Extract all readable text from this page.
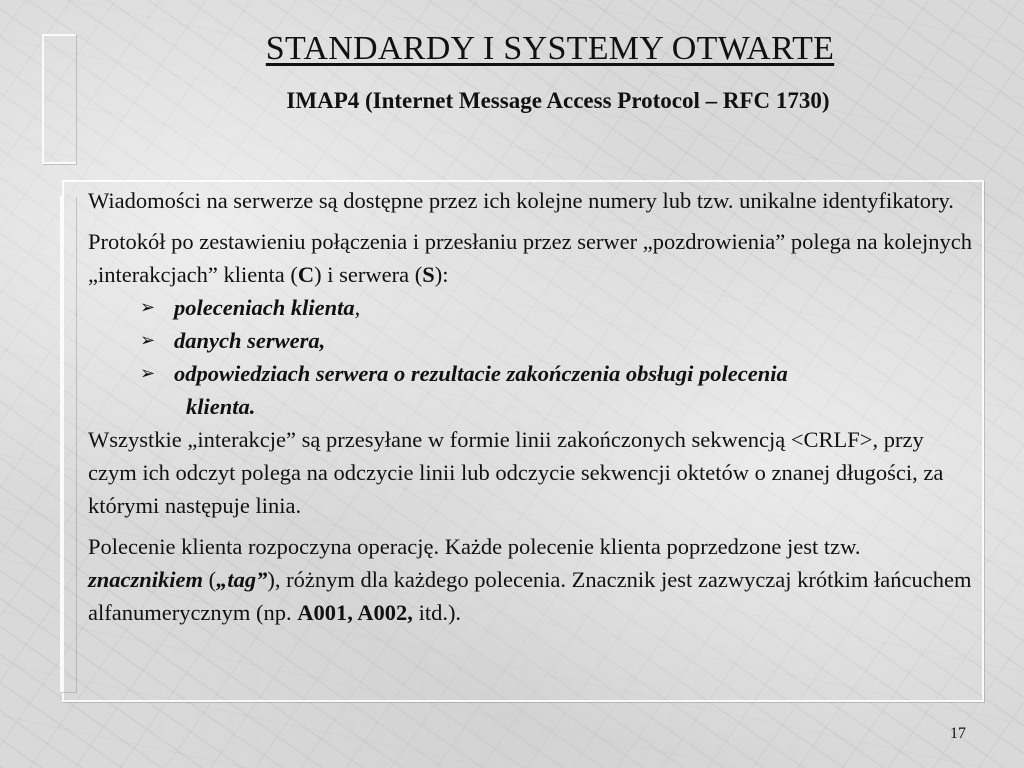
STANDARDY I SYSTEMY OTWARTE
IMAP4 (Internet Message Access Protocol – RFC 1730)

Wiadomości na serwerze są dostępne przez ich kolejne numery lub tzw. unikalne identyfikatory.

Protokół po zestawieniu połączenia i przesłaniu przez serwer „pozdrowienia” polega na kolejnych „interakcjach” klienta (C) i serwera (S):

➢ poleceniach klienta,
➢ danych serwera,
➢ odpowiedziach serwera o rezultacie zakończenia obsługi polecenia
klienta.

Wszystkie „interakcje” są przesyłane w formie linii zakończonych sekwencją <CRLF>, przy czym ich odczyt polega na odczycie linii lub odczycie sekwencji oktetów o znanej długości, za którymi następuje linia.

Polecenie klienta rozpoczyna operację. Każde polecenie klienta poprzedzone jest tzw. znacznikiem („tag”), różnym dla każdego polecenia. Znacznik jest zazwyczaj krótkim łańcuchem alfanumerycznym (np. A001, A002, itd.).

17
